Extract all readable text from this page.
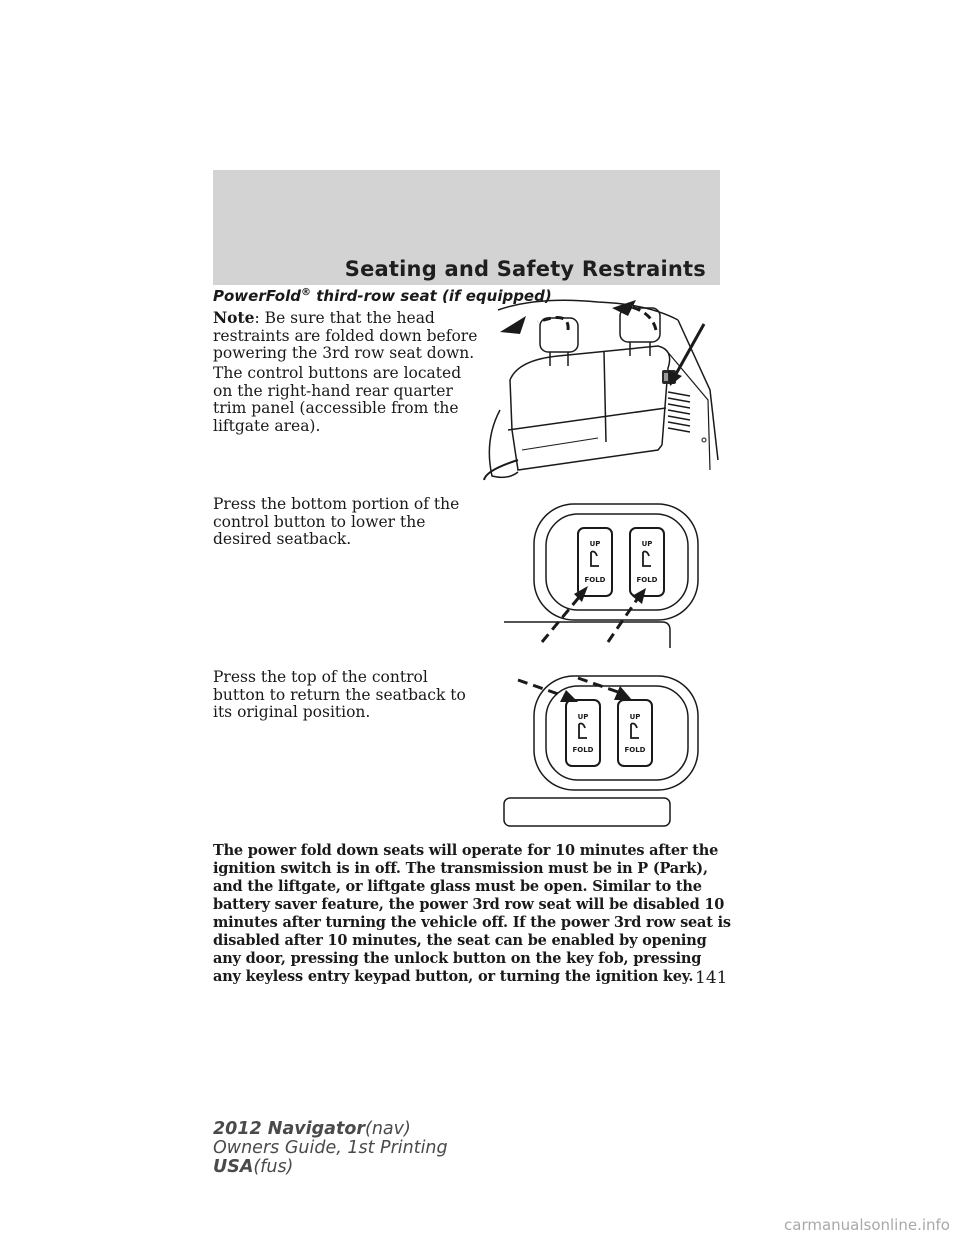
Seating and Safety Restraints
PowerFold® third-row seat (if equipped)

Note: Be sure that the head restraints are folded down before powering the 3rd row seat down.

The control buttons are located on the right-hand rear quarter trim panel (accessible from the liftgate area).

Press the bottom portion of the control button to lower the desired seatback.

Press the top of the control button to return the seatback to its original position.

UP	UP
FOLD	FOLD
UP	UP
FOLD	FOLD

The power fold down seats will operate for 10 minutes after the ignition switch is in off. The transmission must be in P (Park), and the liftgate, or liftgate glass must be open. Similar to the battery saver feature, the power 3rd row seat will be disabled 10 minutes after turning the vehicle off. If the power 3rd row seat is disabled after 10 minutes, the seat can be enabled by opening any door, pressing the unlock button on the key fob, pressing any keyless entry keypad button, or turning the ignition key. 141
2012 Navigator(nav)
Owners Guide, 1st Printing
USA(fus)
carmanualsonline.info
